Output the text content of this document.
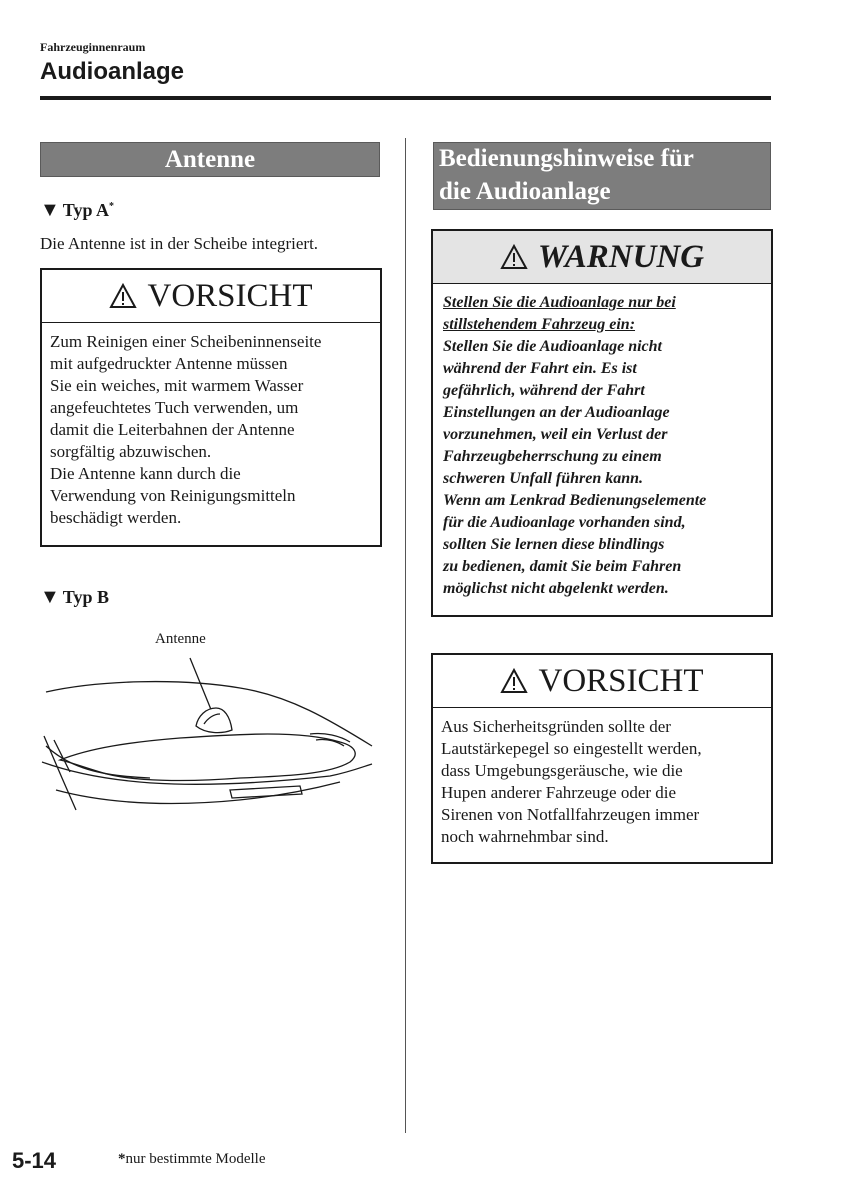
Fahrzeuginnenraum
Audioanlage
Antenne
▼ Typ A*
Die Antenne ist in der Scheibe integriert.
VORSICHT
Zum Reinigen einer Scheibeninnenseite
mit aufgedruckter Antenne müssen
Sie ein weiches, mit warmem Wasser
angefeuchtetes Tuch verwenden, um
damit die Leiterbahnen der Antenne
sorgfältig abzuwischen.
Die Antenne kann durch die
Verwendung von Reinigungsmitteln
beschädigt werden.
▼ Typ B
Antenne
Bedienungshinweise für
die Audioanlage
WARNUNG
Stellen Sie die Audioanlage nur bei
stillstehendem Fahrzeug ein:
Stellen Sie die Audioanlage nicht
während der Fahrt ein. Es ist
gefährlich, während der Fahrt
Einstellungen an der Audioanlage
vorzunehmen, weil ein Verlust der
Fahrzeugbeherrschung zu einem
schweren Unfall führen kann.
Wenn am Lenkrad Bedienungselemente
für die Audioanlage vorhanden sind,
sollten Sie lernen diese blindlings
zu bedienen, damit Sie beim Fahren
möglichst nicht abgelenkt werden.
VORSICHT
Aus Sicherheitsgründen sollte der
Lautstärkepegel so eingestellt werden,
dass Umgebungsgeräusche, wie die
Hupen anderer Fahrzeuge oder die
Sirenen von Notfallfahrzeugen immer
noch wahrnehmbar sind.
5-14	*nur bestimmte Modelle
